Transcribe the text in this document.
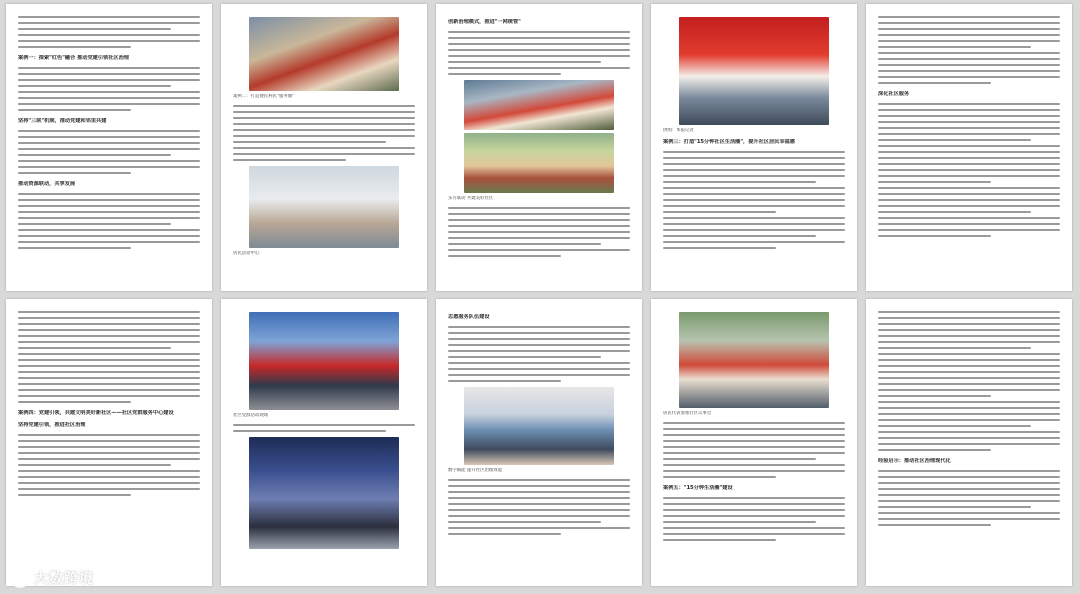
案例一：探索"红色"融合 推动党建引领社区治理
坚持"三联"机制，推动党建和邻里共建
推动资源联动，共享发展
案例二：打造便民利民"服务圈"
居民活动中心
创新治理模式，推进"一网统管"
多方联动 共建美好社区
供图：本报记者
案例三：打造"15分钟社区生活圈"，提升社区居民幸福感
深化社区服务
案例四：党建引领，共建文明美好新社区——社区党群服务中心建设
坚持党建引领，推进社区治理
社区党群活动现场
志愿服务队伍建设
数字赋能 提升社区治理效能
居民代表参加社区议事会
案例五："15分钟生活圈"建设
经验启示：推动社区治理现代化
大数跨境
